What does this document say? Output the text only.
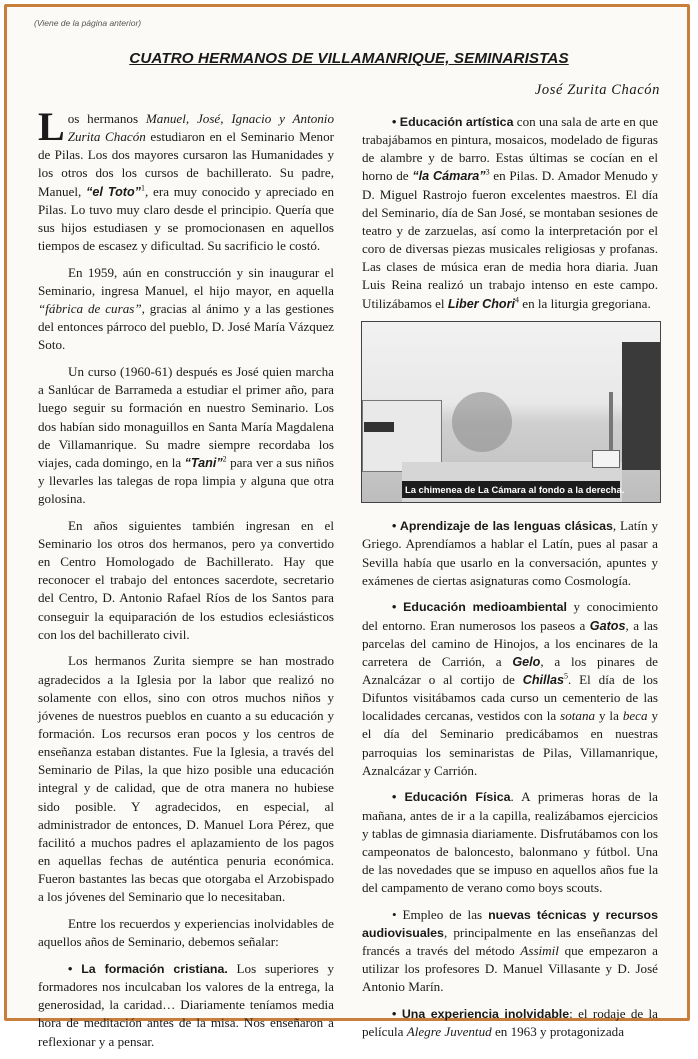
(Viene de la página anterior)
CUATRO HERMANOS DE VILLAMANRIQUE, SEMINARISTAS
José Zurita Chacón

Los hermanos Manuel, José, Ignacio y Antonio Zurita Chacón estudiaron en el Seminario Menor de Pilas. Los dos mayores cursaron las Humanidades y los otros dos los cursos de bachillerato. Su padre, Manuel, “el Toto”$^1$, era muy conocido y apreciado en Pilas. Lo tuvo muy claro desde el principio. Quería que sus hijos estudiasen y se promocionasen en aquellos tiempos de escasez y dificultad. Su sacrificio le costó.

En 1959, aún en construcción y sin inaugurar el Seminario, ingresa Manuel, el hijo mayor, en aquella “fábrica de curas”, gracias al ánimo y a las gestiones del entonces párroco del pueblo, D. José María Vázquez Soto.

Un curso (1960-61) después es José quien marcha a Sanlúcar de Barrameda a estudiar el primer año, para luego seguir su formación en nuestro Seminario. Los dos habían sido monaguillos en Santa María Magdalena de Villamanrique. Su madre siempre recordaba los viajes, cada domingo, en la “Tani”$^2$ para ver a sus niños y llevarles las talegas de ropa limpia y alguna que otra golosina.

En años siguientes también ingresan en el Seminario los otros dos hermanos, pero ya convertido en Centro Homologado de Bachillerato. Hay que reconocer el trabajo del entonces sacerdote, secretario del Centro, D. Antonio Rafael Ríos de los Santos para conseguir la equiparación de los estudios eclesiásticos con los del bachillerato civil.

Los hermanos Zurita siempre se han mostrado agradecidos a la Iglesia por la labor que realizó no solamente con ellos, sino con otros muchos niños y jóvenes de nuestros pueblos en cuanto a su educación y formación. Los recursos eran pocos y los centros de enseñanza estaban distantes. Fue la Iglesia, a través del Seminario de Pilas, la que hizo posible una educación integral y de calidad, que de otra manera no hubiese sido posible. Y agradecidos, en especial, al administrador de entonces, D. Manuel Lora Pérez, que facilitó a muchos padres el aplazamiento de los pagos en aquellas fechas de auténtica penuria económica. Fueron bastantes las becas que otorgaba el Arzobispado a los jóvenes del Seminario que lo necesitaban.

Entre los recuerdos y experiencias inolvidables de aquellos años de Seminario, debemos señalar:

• La formación cristiana. Los superiores y formadores nos inculcaban los valores de la entrega, la generosidad, la caridad… Diariamente teníamos media hora de meditación antes de la misa. Nos enseñaron a reflexionar y a pensar.

• Educación artística con una sala de arte en que trabajábamos en pintura, mosaicos, modelado de figuras de alambre y de barro. Estas últimas se cocían en el horno de “la Cámara”$^3$ en Pilas. D. Amador Menudo y D. Miguel Rastrojo fueron excelentes maestros. El día del Seminario, día de San José, se montaban sesiones de teatro y de zarzuelas, así como la interpretación por el coro de diversas piezas musicales religiosas y profanas. Las clases de música eran de media hora diaria. Juan Luis Reina realizó un trabajo intenso en este campo. Utilizábamos el Liber Chori$^4$ en la liturgia gregoriana.

La chimenea de La Cámara al fondo a la derecha.

• Aprendizaje de las lenguas clásicas, Latín y Griego. Aprendíamos a hablar el Latín, pues al pasar a Sevilla había que usarlo en la conversación, apuntes y exámenes de ciertas asignaturas como Cosmología.

• Educación medioambiental y conocimiento del entorno. Eran numerosos los paseos a Gatos, a las parcelas del camino de Hinojos, a los encinares de la carretera de Carrión, a Gelo, a los pinares de Aznalcázar o al cortijo de Chillas$^5$. El día de los Difuntos visitábamos cada curso un cementerio de las localidades cercanas, vestidos con la sotana y la beca y el día del Seminario predicábamos en nuestras parroquias los seminaristas de Pilas, Villamanrique, Aznalcázar y Carrión.

• Educación Física. A primeras horas de la mañana, antes de ir a la capilla, realizábamos ejercicios y tablas de gimnasia diariamente. Disfrutábamos con los campeonatos de baloncesto, balonmano y fútbol. Una de las novedades que se impuso en aquellos años fue la del campamento de verano como boys scouts.

• Empleo de las nuevas técnicas y recursos audiovisuales, principalmente en las enseñanzas del francés a través del método Assimil que empezaron a utilizar los profesores D. Manuel Villasante y D. José Antonio Marín.

• Una experiencia inolvidable: el rodaje de la película Alegre Juventud en 1963 y protagonizada
